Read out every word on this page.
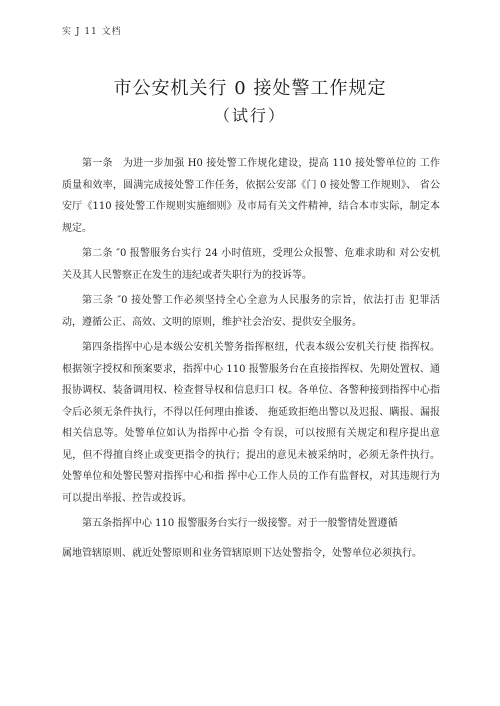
实 J 11 文档
市公安机关行 0 接处警工作规定
（试行）

第一条　为进一步加强 H0 接处警工作规化建设，提高 110 接处警单位的 工作质量和效率，圆满完成接处警工作任务，依据公安部《门 0 接处警工作规则》、 省公安厅《110 接处警工作规则实施细则》及市局有关文件精神，结合本市实际，制定本规定。

第二条 ″0 报警服务台实行 24 小时值班，受理公众报警、危难求助和 对公安机关及其人民警察正在发生的违纪或者失职行为的投诉等。

第三条 ″0 接处警工作必须坚持全心全意为人民服务的宗旨，依法打击 犯罪活动，遵循公正、高效、文明的原则，维护社会治安、提供安全服务。

第四条指挥中心是本级公安机关警务指挥枢纽，代表本级公安机关行使 指挥权。根据领字授权和预案要求，指挥中心 110 报警服务台在直接指挥权、先期处置权、通报协调权、装备调用权、检查督导权和信息归口 权。各单位、各警种接到指挥中心指令后必须无条件执行，不得以任何理由推诿、 拖延致拒绝出警以及迟报、瞒报、漏报相关信息等。处警单位如认为指挥中心指 令有误，可以按照有关规定和程序提出意见，但不得擅自终止或变更指令的执行；提出的意见未被采纳时，必须无条件执行。处警单位和处警民警对指挥中心和指 挥中心工作人员的工作有监督权，对其违规行为可以提出举报、控告或投诉。

第五条指挥中心 110 报警服务台实行一级接警。对于一般警情处置遵循

属地管辖原则、就近处警原则和业务管辖原则下达处警指令，处警单位必须执行。
